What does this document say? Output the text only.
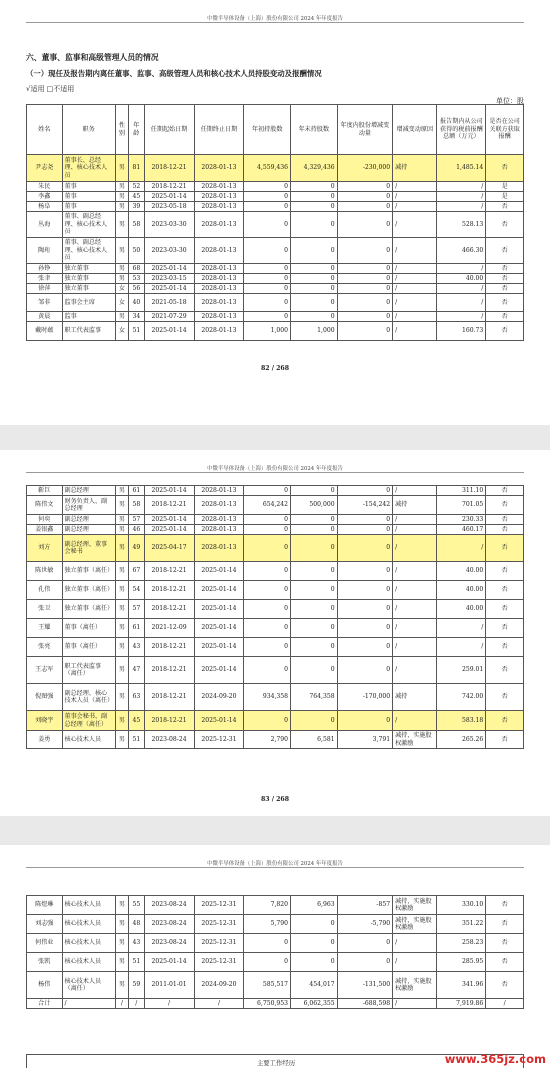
中微半导体设备（上海）股份有限公司 2024 年年度报告
六、董事、监事和高级管理人员的情况
（一）现任及报告期内离任董事、监事、高级管理人员和核心技术人员持股变动及报酬情况
√适用 □不适用
单位：股
姓名	职务	性别	年龄	任期起始日期	任期终止日期	年初持股数	年末持股数	年度内股份增减变动量	增减变动原因	报告期内从公司获得的税前报酬总额（万元）	是否在公司关联方获取报酬
尹志尧	董事长、总经理、核心技术人员	男	81	2018-12-21	2028-01-13	4,559,436	4,329,436	-230,000	减持	1,485.14	否
朱民	董事	男	52	2018-12-21	2028-01-13	0	0	0	/	/	是
李鑫	董事	男	45	2025-01-14	2028-01-13	0	0	0	/	/	是
杨阜	董事	男	39	2023-05-18	2028-01-13	0	0	0	/	/	否
丛海	董事、副总经理、核心技术人员	男	58	2023-03-30	2028-01-13	0	0	0	/	528.13	否
陶珩	董事、副总经理、核心技术人员	男	50	2023-03-30	2028-01-13	0	0	0	/	466.30	否
孙铮	独立董事	男	68	2025-01-14	2028-01-13	0	0	0	/	/	否
张聿	独立董事	男	53	2023-03-15	2028-01-13	0	0	0	/	40.00	否
徐萍	独立董事	女	56	2025-01-14	2028-01-13	0	0	0	/	/	否
邹非	监事会主席	女	40	2021-05-18	2028-01-13	0	0	0	/	/	否
黄晨	监事	男	34	2021-07-29	2028-01-13	0	0	0	/	/	否
戴时蕴	职工代表监事	女	51	2025-01-14	2028-01-13	1,000	1,000	0	/	160.73	否
82 / 268
中微半导体设备（上海）股份有限公司 2024 年年度报告
83 / 268
靳巨	副总经理	男	61	2025-01-14	2028-01-13	0	0	0	/	311.10	否
陈伟文	财务负责人、副总经理	男	58	2018-12-21	2028-01-13	654,242	500,000	-154,242	减持	701.05	否
何奕	副总经理	男	57	2025-01-14	2028-01-13	0	0	0	/	230.33	否
姜银鑫	副总经理	男	46	2025-01-14	2028-01-13	0	0	0	/	460.17	否
刘方	副总经理、董事会秘书	男	49	2025-04-17	2028-01-13	0	0	0	/	/	否
陈世敏	独立董事（离任）	男	67	2018-12-21	2025-01-14	0	0	0	/	40.00	否
孔伟	独立董事（离任）	男	54	2018-12-21	2025-01-14	0	0	0	/	40.00	否
张卫	独立董事（离任）	男	57	2018-12-21	2025-01-14	0	0	0	/	40.00	否
王耀	董事（离任）	男	61	2021-12-09	2025-01-14	0	0	0	/	/	否
张亮	董事（离任）	男	43	2018-12-21	2025-01-14	0	0	0	/	/	否
王志军	职工代表监事（离任）	男	47	2018-12-21	2025-01-14	0	0	0	/	259.01	否
倪图强	副总经理、核心技术人员（离任）	男	63	2018-12-21	2024-09-20	934,358	764,358	-170,000	减持	742.00	否
刘晓宇	董事会秘书、副总经理（离任）	男	45	2018-12-21	2025-01-14	0	0	0	/	583.18	否
姜勇	核心技术人员	男	51	2023-08-24	2025-12-31	2,790	6,581	3,791	减持，实施股权激励	265.26	否
中微半导体设备（上海）股份有限公司 2024 年年度报告
主要工作经历
陈煜琳	核心技术人员	男	55	2023-08-24	2025-12-31	7,820	6,963	-857	减持，实施股权激励	330.10	否
刘志强	核心技术人员	男	48	2023-08-24	2025-12-31	5,790	0	-5,790	减持，实施股权激励	351.22	否
何伟业	核心技术人员	男	43	2023-08-24	2025-12-31	0	0	0	/	258.23	否
张凯	核心技术人员	男	51	2025-01-14	2025-12-31	0	0	0	/	285.95	否
杨伟	核心技术人员（离任）	男	59	2011-01-01	2024-09-20	585,517	454,017	-131,500	减持，实施股权激励	341.96	否
合计	/	/	/	/	/	6,750,953	6,062,355	-688,598	/	7,919.86	/
www.365jz.com
